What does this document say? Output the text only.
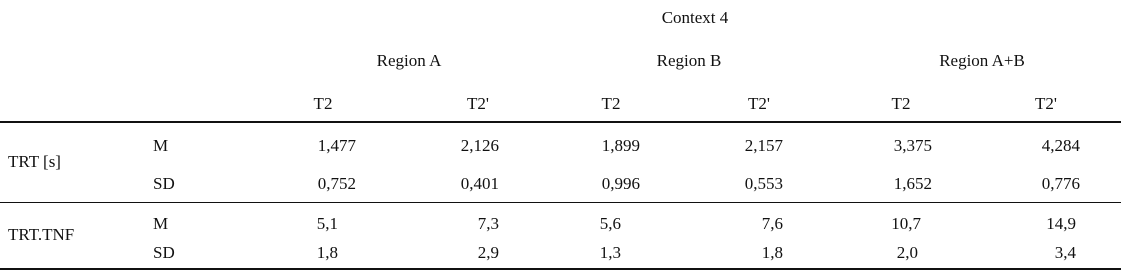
Context 4
Region A	Region B	Region A+B
T2	T2'	T2	T2'	T2	T2'
TRT [s]
M	1,477	2,126	1,899	2,157	3,375	4,284
SD	0,752	0,401	0,996	0,553	1,652	0,776
TRT.TNF
M	5,1	7,3	5,6	7,6	10,7	14,9
SD	1,8	2,9	1,3	1,8	2,0	3,4
